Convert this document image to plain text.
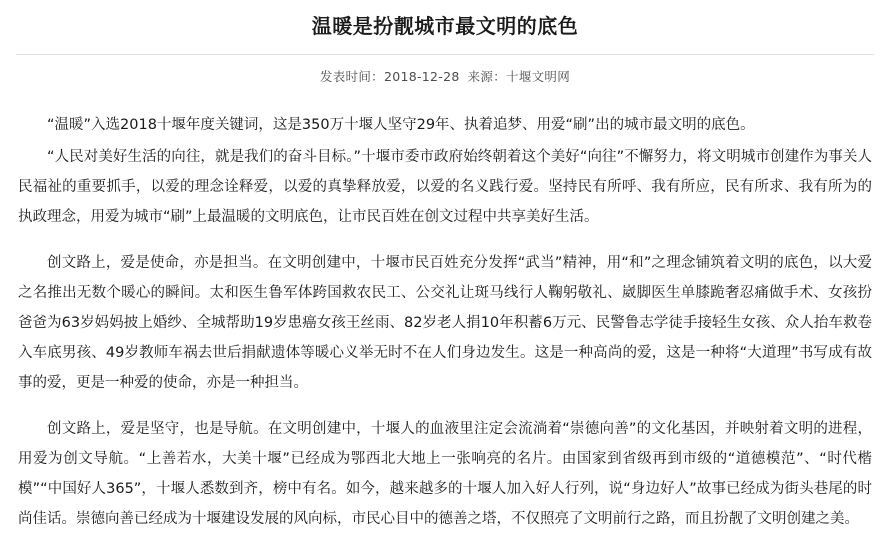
温暖是扮靓城市最文明的底色
发表时间：2018-12-28 来源：十堰文明网

“温暖”入选2018十堰年度关键词，这是350万十堰人坚守29年、执着追梦、用爱“刷”出的城市最文明的底色。

“人民对美好生活的向往，就是我们的奋斗目标。”十堰市委市政府始终朝着这个美好“向往”不懈努力，将文明城市创建作为事关人民福祉的重要抓手，以爱的理念诠释爱，以爱的真挚释放爱，以爱的名义践行爱。坚持民有所呼、我有所应，民有所求、我有所为的执政理念，用爱为城市“刷”上最温暖的文明底色，让市民百姓在创文过程中共享美好生活。

创文路上，爱是使命，亦是担当。在文明创建中，十堰市民百姓充分发挥“武当”精神，用“和”之理念铺筑着文明的底色，以大爱之名推出无数个暖心的瞬间。太和医生鲁军体跨国救农民工、公交礼让斑马线行人鞠躬敬礼、崴脚医生单膝跪奢忍痛做手术、女孩扮爸爸为63岁妈妈披上婚纱、全城帮助19岁患癌女孩王丝雨、82岁老人捐10年积蓄6万元、民警鲁志学徒手接轻生女孩、众人抬车救卷入车底男孩、49岁教师车祸去世后捐献遗体等暖心义举无时不在人们身边发生。这是一种高尚的爱，这是一种将“大道理”书写成有故事的爱，更是一种爱的使命，亦是一种担当。

创文路上，爱是坚守，也是导航。在文明创建中，十堰人的血液里注定会流淌着“崇德向善”的文化基因，并映射着文明的进程，用爱为创文导航。“上善若水，大美十堰”已经成为鄂西北大地上一张响亮的名片。由国家到省级再到市级的“道德模范”、“时代楷模”“中国好人365”，十堰人悉数到齐，榜中有名。如今，越来越多的十堰人加入好人行列，说“身边好人”故事已经成为街头巷尾的时尚佳话。崇德向善已经成为十堰建设发展的风向标，市民心目中的德善之塔，不仅照亮了文明前行之路，而且扮靓了文明创建之美。
